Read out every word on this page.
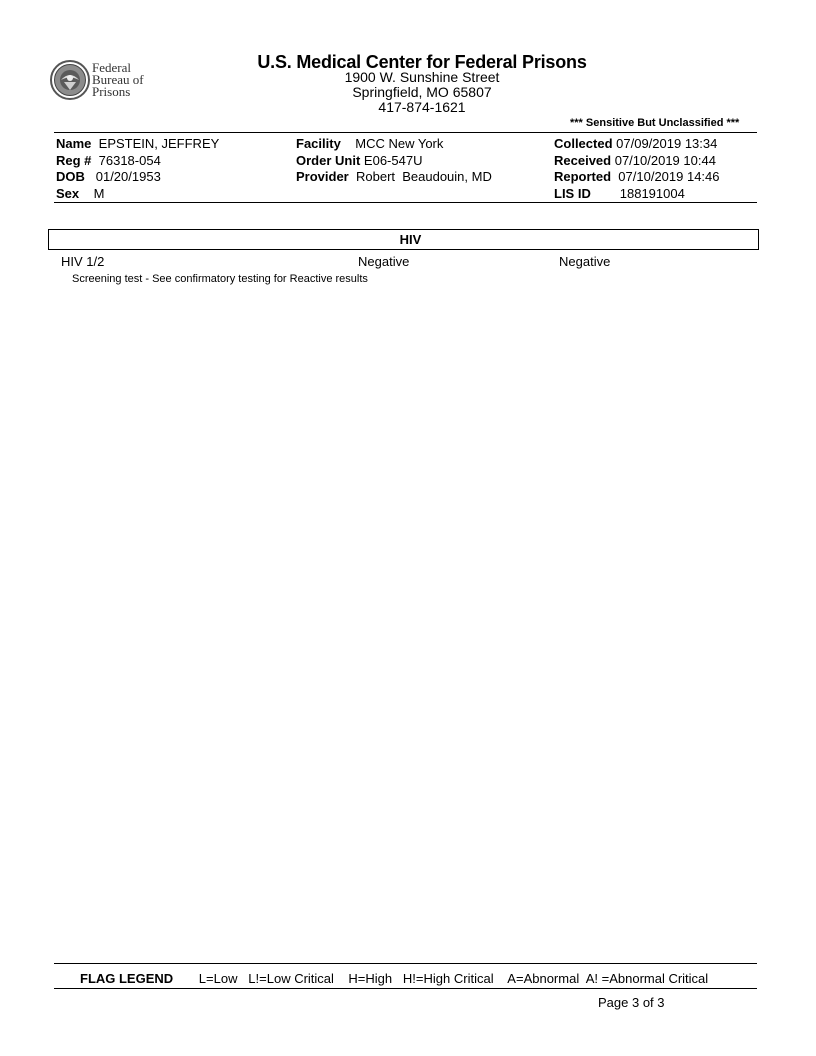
Federal
Bureau of
Prisons
U.S. Medical Center for Federal Prisons
1900 W. Sunshine Street
Springfield, MO 65807
417-874-1621
*** Sensitive But Unclassified ***
Name EPSTEIN, JEFFREY
Reg # 76318-054
DOB 01/20/1953
Sex M
Facility MCC New York
Order Unit E06-547U
Provider Robert  Beaudouin, MD
Collected 07/09/2019 13:34
Received 07/10/2019 10:44
Reported 07/10/2019 14:46
LIS ID 188191004
HIV
HIV 1/2	Negative	Negative
Screening test - See confirmatory testing for Reactive results
FLAG LEGEND L=Low   L!=Low Critical    H=High   H!=High Critical    A=Abnormal  A! =Abnormal Critical
Page 3 of 3
